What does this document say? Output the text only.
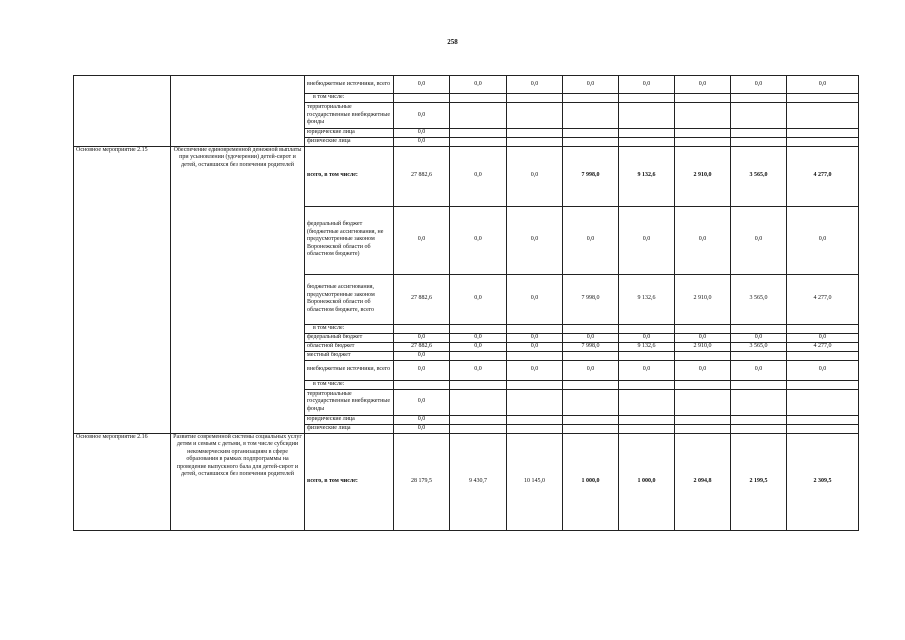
258
		внебюджетные источники, всего	0,0	0,0	0,0	0,0	0,0	0,0	0,0	0,0
		в том числе:								
		территориальные государственные внебюджетные фонды	0,0							
		юридические лица	0,0							
		физические лица	0,0							
Основное мероприятие 2.15	Обеспечение единовременной денежной выплаты при усыновлении (удочерении) детей-сирот и детей, оставшихся без попечения родителей	всего, в том числе:	27 882,6	0,0	0,0	7 998,0	9 132,6	2 910,0	3 565,0	4 277,0
		федеральный бюджет (бюджетные ассигнования, не предусмотренные законом Воронежской области об областном бюджете)	0,0	0,0	0,0	0,0	0,0	0,0	0,0	0,0
		бюджетные ассигнования, предусмотренные законом Воронежской области об областном бюджете, всего	27 882,6	0,0	0,0	7 998,0	9 132,6	2 910,0	3 565,0	4 277,0
		в том числе:								
		федеральный бюджет	0,0	0,0	0,0	0,0	0,0	0,0	0,0	0,0
		областной бюджет	27 882,6	0,0	0,0	7 998,0	9 132,6	2 910,0	3 565,0	4 277,0
		местный бюджет	0,0							
		внебюджетные источники, всего	0,0	0,0	0,0	0,0	0,0	0,0	0,0	0,0
		в том числе:								
		территориальные государственные внебюджетные фонды	0,0							
		юридические лица	0,0							
		физические лица	0,0							
Основное мероприятие 2.16	Развитие современной системы социальных услуг детям и семьям с детьми, в том числе субсидии некоммерческим организациям в сфере образования в рамках подпрограммы на проведение выпускного бала для детей-сирот и детей, оставшихся без попечения родителей	всего, в том числе:	28 179,5	9 430,7	10 145,0	1 000,0	1 000,0	2 094,8	2 199,5	2 309,5
